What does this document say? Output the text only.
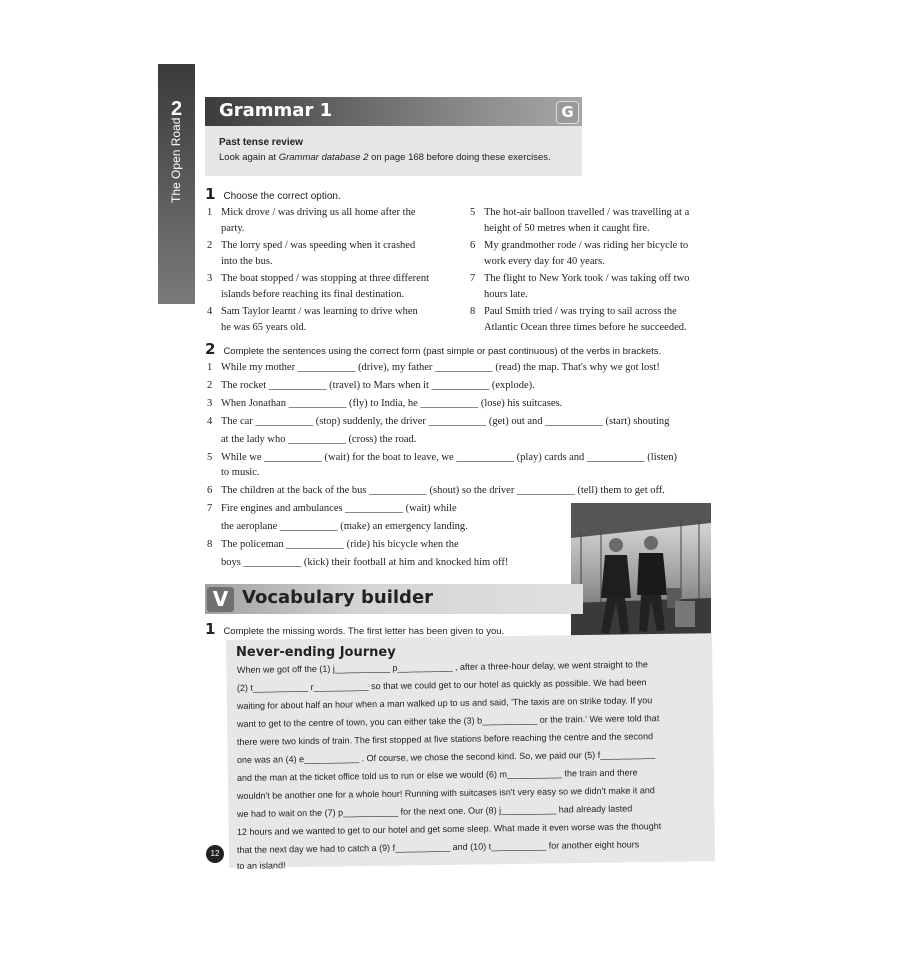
2
The Open Road
Grammar 1	G
Past tense review
Look again at Grammar database 2 on page 168 before doing these exercises.
1 Choose the correct option.
1 Mick drove / was driving us all home after the
party.
2 The lorry sped / was speeding when it crashed
into the bus.
3 The boat stopped / was stopping at three different
islands before reaching its final destination.
4 Sam Taylor learnt / was learning to drive when
he was 65 years old.
5 The hot-air balloon travelled / was travelling at a
height of 50 metres when it caught fire.
6 My grandmother rode / was riding her bicycle to
work every day for 40 years.
7 The flight to New York took / was taking off two
hours late.
8 Paul Smith tried / was trying to sail across the
Atlantic Ocean three times before he succeeded.
2 Complete the sentences using the correct form (past simple or past continuous) of the verbs in brackets.
1 While my mother ___________ (drive), my father ___________ (read) the map. That's why we got lost!
2 The rocket ___________ (travel) to Mars when it ___________ (explode).
3 When Jonathan ___________ (fly) to India, he ___________ (lose) his suitcases.
4 The car ___________ (stop) suddenly, the driver ___________ (get) out and ___________ (start) shouting
at the lady who ___________ (cross) the road.
5 While we ___________ (wait) for the boat to leave, we ___________ (play) cards and ___________ (listen)
to music.
6 The children at the back of the bus ___________ (shout) so the driver ___________ (tell) them to get off.
7 Fire engines and ambulances ___________ (wait) while
the aeroplane ___________ (make) an emergency landing.
8 The policeman ___________ (ride) his bicycle when the
boys ___________ (kick) their football at him and knocked him off!
V Vocabulary builder
1 Complete the missing words. The first letter has been given to you.
Never-ending Journey
When we got off the (1) j___________ p___________ , after a three-hour delay, we went straight to the
(2) t___________ r___________ so that we could get to our hotel as quickly as possible. We had been
waiting for about half an hour when a man walked up to us and said, 'The taxis are on strike today. If you
want to get to the centre of town, you can either take the (3) b___________ or the train.' We were told that
there were two kinds of train. The first stopped at five stations before reaching the centre and the second
one was an (4) e___________ . Of course, we chose the second kind. So, we paid our (5) f___________
and the man at the ticket office told us to run or else we would (6) m___________ the train and there
wouldn't be another one for a whole hour! Running with suitcases isn't very easy so we didn't make it and
we had to wait on the (7) p___________ for the next one. Our (8) j___________ had already lasted
12 hours and we wanted to get to our hotel and get some sleep. What made it even worse was the thought
that the next day we had to catch a (9) f___________ and (10) t___________ for another eight hours
to an island!
12
